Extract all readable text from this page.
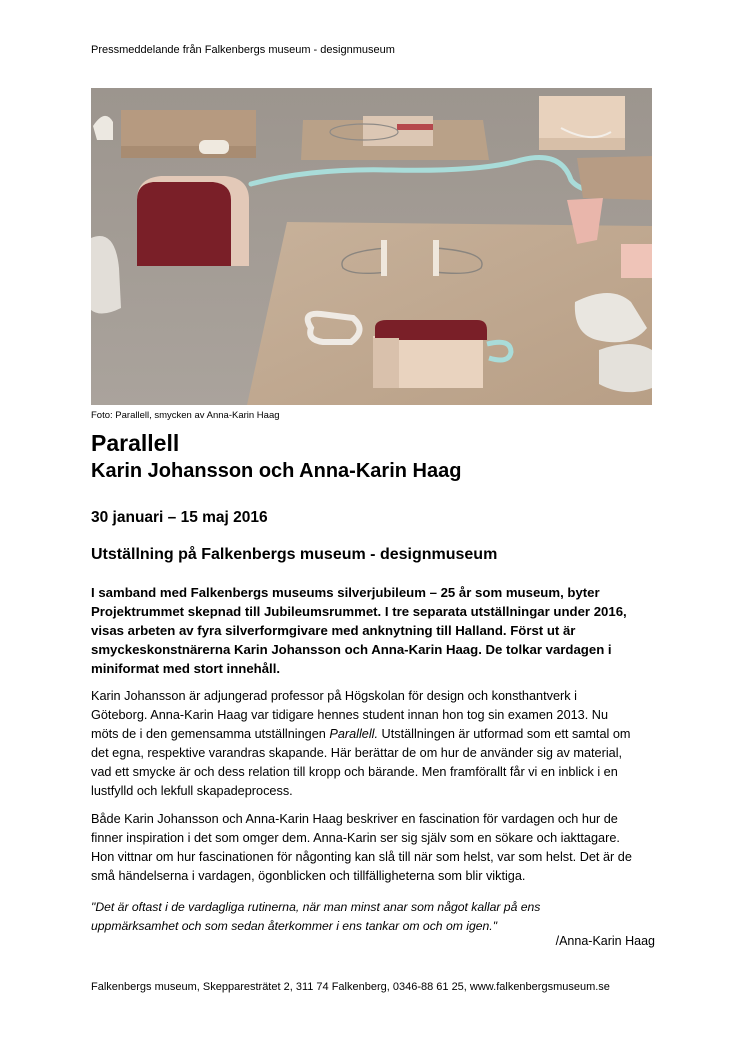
Pressmeddelande från Falkenbergs museum - designmuseum
Foto: Parallell, smycken av Anna-Karin Haag
Parallell
Karin Johansson och Anna-Karin Haag
30 januari – 15 maj 2016
Utställning på Falkenbergs museum - designmuseum
I samband med Falkenbergs museums silverjubileum – 25 år som museum, byter
Projektrummet skepnad till Jubileumsrummet. I tre separata utställningar under 2016,
visas arbeten av fyra silverformgivare med anknytning till Halland. Först ut är
smyckeskonstnärerna Karin Johansson och Anna-Karin Haag. De tolkar vardagen i
miniformat med stort innehåll.
Karin Johansson är adjungerad professor på Högskolan för design och konsthantverk i
Göteborg. Anna-Karin Haag var tidigare hennes student innan hon tog sin examen 2013. Nu
möts de i den gemensamma utställningen Parallell. Utställningen är utformad som ett samtal om
det egna, respektive varandras skapande. Här berättar de om hur de använder sig av material,
vad ett smycke är och dess relation till kropp och bärande. Men framförallt får vi en inblick i en
lustfylld och lekfull skapadeprocess.
Både Karin Johansson och Anna-Karin Haag beskriver en fascination för vardagen och hur de
finner inspiration i det som omger dem. Anna-Karin ser sig själv som en sökare och iakttagare.
Hon vittnar om hur fascinationen för någonting kan slå till när som helst, var som helst. Det är de
små händelserna i vardagen, ögonblicken och tillfälligheterna som blir viktiga.
"Det är oftast i de vardagliga rutinerna, när man minst anar som något kallar på ens
uppmärksamhet och som sedan återkommer i ens tankar om och om igen."
/Anna-Karin Haag
Falkenbergs museum, Skepparesträtet 2, 311 74 Falkenberg, 0346-88 61 25, www.falkenbergsmuseum.se
